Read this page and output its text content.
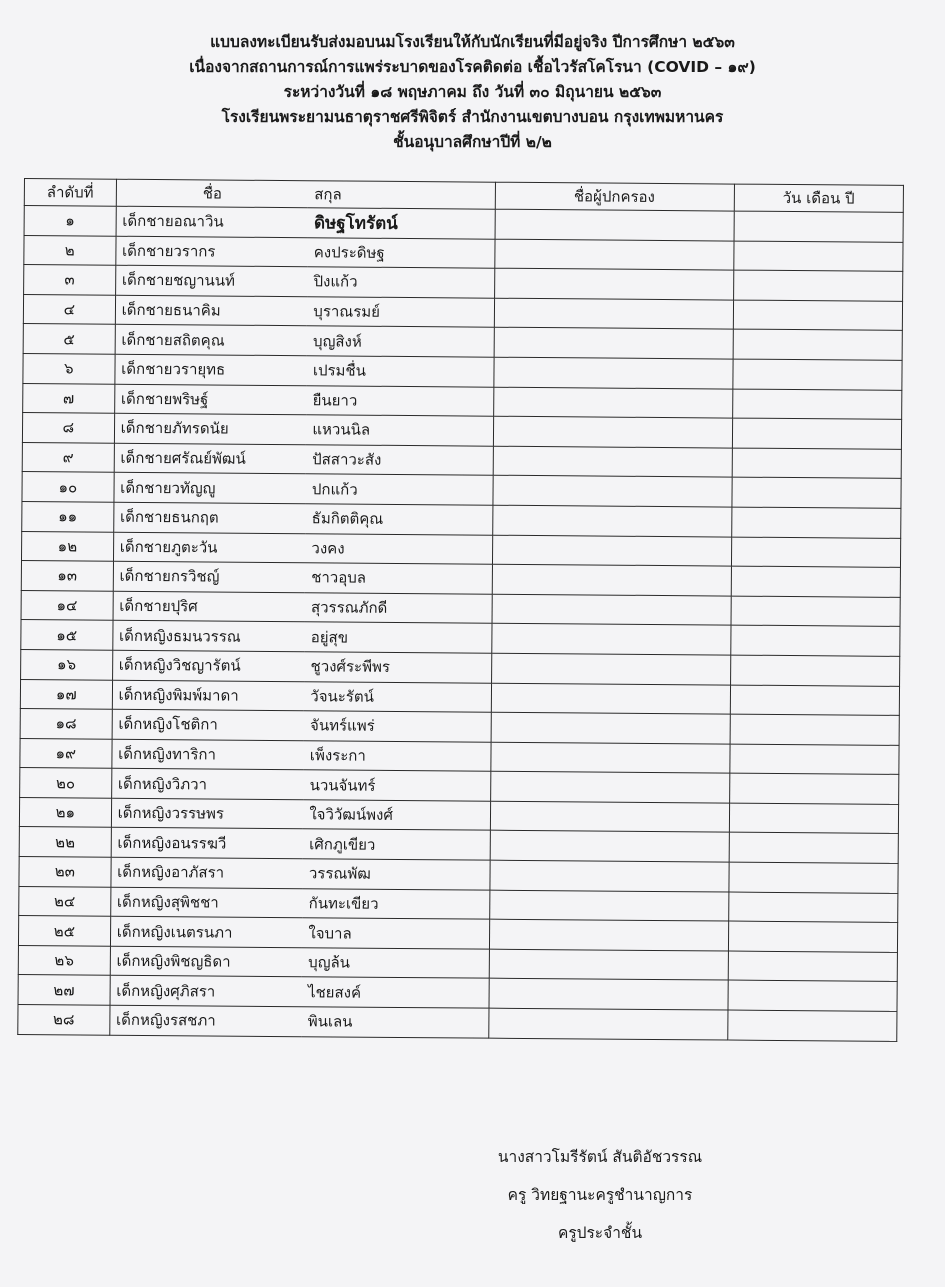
แบบลงทะเบียนรับส่งมอบนมโรงเรียนให้กับนักเรียนที่มีอยู่จริง ปีการศึกษา ๒๕๖๓
เนื่องจากสถานการณ์การแพร่ระบาดของโรคติดต่อ เชื้อไวรัสโคโรนา (COVID – ๑๙)
ระหว่างวันที่ ๑๘ พฤษภาคม ถึง วันที่ ๓๐ มิถุนายน ๒๕๖๓
โรงเรียนพระยามนธาตุราชศรีพิจิตร์ สำนักงานเขตบางบอน กรุงเทพมหานคร
ชั้นอนุบาลศึกษาปีที่ ๒/๒
ลำดับที่	ชื่อ	สกุล	ชื่อผู้ปกครอง	วัน เดือน ปี
๑	เด็กชายอณาวิน	ดิษฐโทรัตน์		
๒	เด็กชายวรากร	คงประดิษฐ		
๓	เด็กชายชญานนท์	ปิงแก้ว		
๔	เด็กชายธนาคิม	บุราณรมย์		
๕	เด็กชายสถิตคุณ	บุญสิงห์		
๖	เด็กชายวรายุทธ	เปรมชื่น		
๗	เด็กชายพริษฐ์	ยืนยาว		
๘	เด็กชายภัทรดนัย	แหวนนิล		
๙	เด็กชายศรัณย์พัฒน์	ปัสสาวะสัง		
๑๐	เด็กชายวทัญญู	ปกแก้ว		
๑๑	เด็กชายธนกฤต	ธัมกิตติคุณ		
๑๒	เด็กชายภูตะวัน	วงคง		
๑๓	เด็กชายกรวิชญ์	ชาวอุบล		
๑๔	เด็กชายปุริศ	สุวรรณภักดี		
๑๕	เด็กหญิงธมนวรรณ	อยู่สุข		
๑๖	เด็กหญิงวิชญารัตน์	ชูวงศ์ระพีพร		
๑๗	เด็กหญิงพิมพ์มาดา	วัจนะรัตน์		
๑๘	เด็กหญิงโชติกา	จันทร์แพร่		
๑๙	เด็กหญิงทาริกา	เพ็งระกา		
๒๐	เด็กหญิงวิภวา	นวนจันทร์		
๒๑	เด็กหญิงวรรษพร	ใจวิวัฒน์พงศ์		
๒๒	เด็กหญิงอนรรฆวี	เศิกภูเขียว		
๒๓	เด็กหญิงอาภัสรา	วรรณพัฒ		
๒๔	เด็กหญิงสุพิชชา	กันทะเขียว		
๒๕	เด็กหญิงเนตรนภา	ใจบาล		
๒๖	เด็กหญิงพิชญธิดา	บุญล้น		
๒๗	เด็กหญิงศุภิสรา	ไชยสงค์		
๒๘	เด็กหญิงรสชภา	พินเลน		
นางสาวโมรีรัตน์ สันติอัชวรรณ
ครู วิทยฐานะครูชำนาญการ
ครูประจำชั้น
